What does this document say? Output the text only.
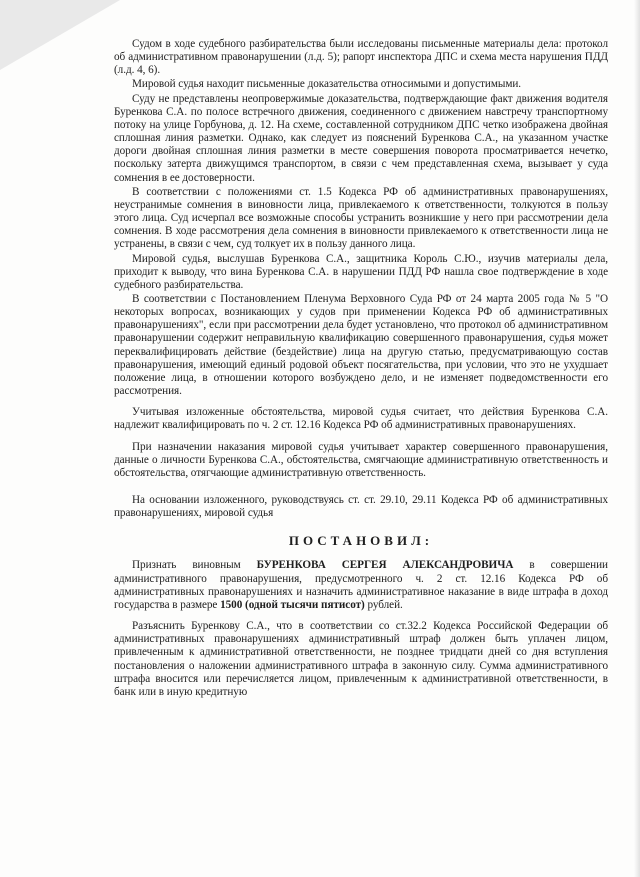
Судом в ходе судебного разбирательства были исследованы письменные материалы дела: протокол об административном правонарушении (л.д. 5); рапорт инспектора ДПС и схема места нарушения ПДД (л.д. 4, 6).

Мировой судья находит письменные доказательства относимыми и допустимыми.

Суду не представлены неопровержимые доказательства, подтверждающие факт движения водителя Буренкова С.А. по полосе встречного движения, соединенного с движением навстречу транспортному потоку на улице Горбунова, д. 12. На схеме, составленной сотрудником ДПС четко изображена двойная сплошная линия разметки. Однако, как следует из пояснений Буренкова С.А., на указанном участке дороги двойная сплошная линия разметки в месте совершения поворота просматривается нечетко, поскольку затерта движущимся транспортом, в связи с чем представленная схема, вызывает у суда сомнения в ее достоверности.

В соответствии с положениями ст. 1.5 Кодекса РФ об административных правонарушениях, неустранимые сомнения в виновности лица, привлекаемого к ответственности, толкуются в пользу этого лица. Суд исчерпал все возможные способы устранить возникшие у него при рассмотрении дела сомнения. В ходе рассмотрения дела сомнения в виновности привлекаемого к ответственности лица не устранены, в связи с чем, суд толкует их в пользу данного лица.

Мировой судья, выслушав Буренкова С.А., защитника Король С.Ю., изучив материалы дела, приходит к выводу, что вина Буренкова С.А. в нарушении ПДД РФ нашла свое подтверждение в ходе судебного разбирательства.

В соответствии с Постановлением Пленума Верховного Суда РФ от 24 марта 2005 года № 5 "О некоторых вопросах, возникающих у судов при применении Кодекса РФ об административных правонарушениях", если при рассмотрении дела будет установлено, что протокол об административном правонарушении содержит неправильную квалификацию совершенного правонарушения, судья может переквалифицировать действие (бездействие) лица на другую статью, предусматривающую состав правонарушения, имеющий единый родовой объект посягательства, при условии, что это не ухудшает положение лица, в отношении которого возбуждено дело, и не изменяет подведомственности его рассмотрения.

Учитывая изложенные обстоятельства, мировой судья считает, что действия Буренкова С.А. надлежит квалифицировать по ч. 2 ст. 12.16 Кодекса РФ об административных правонарушениях.

При назначении наказания мировой судья учитывает характер совершенного правонарушения, данные о личности Буренкова С.А., обстоятельства, смягчающие административную ответственность и обстоятельства, отягчающие административную ответственность.

На основании изложенного, руководствуясь ст. ст. 29.10, 29.11 Кодекса РФ об административных правонарушениях, мировой судья

ПОСТАНОВИЛ:

Признать виновным БУРЕНКОВА СЕРГЕЯ АЛЕКСАНДРОВИЧА в совершении административного правонарушения, предусмотренного ч. 2 ст. 12.16 Кодекса РФ об административных правонарушениях и назначить административное наказание в виде штрафа в доход государства в размере 1500 (одной тысячи пятисот) рублей.

Разъяснить Буренкову С.А., что в соответствии со ст.32.2 Кодекса Российской Федерации об административных правонарушениях административный штраф должен быть уплачен лицом, привлеченным к административной ответственности, не позднее тридцати дней со дня вступления постановления о наложении административного штрафа в законную силу. Сумма административного штрафа вносится или перечисляется лицом, привлеченным к административной ответственности, в банк или в иную кредитную
